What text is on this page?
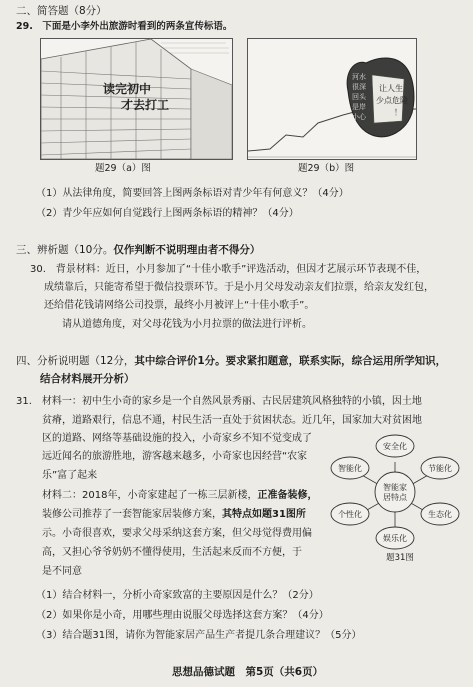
二、简答题（8分）
29.　下面是小李外出旅游时看到的两条宣传标语。
读完初中
才去打工
让人生
少点危险
！
河水
很深
回头
是岸
小心
题29（a）图	题29（b）图
（1）从法律角度，简要回答上图两条标语对青少年有何意义？（4分）
（2）青少年应如何自觉践行上图两条标语的精神？（4分）
三、辨析题（10分。仅作判断不说明理由者不得分）
30.　背景材料：近日，小月参加了“十佳小歌手”评选活动，但因才艺展示环节表现不佳，
成绩靠后，只能寄希望于微信投票环节。于是小月父母发动亲友们拉票，给亲友发红包，
还给借花钱请网络公司投票，最终小月被评上“十佳小歌手”。
请从道德角度，对父母花钱为小月拉票的做法进行评析。
四、分析说明题（12分，其中综合评价1分。要求紧扣题意，联系实际，综合运用所学知识，
结合材料展开分析）
31.　材料一：初中生小奇的家乡是一个自然风景秀丽、古民居建筑风格独特的小镇，因土地
贫瘠，道路艰行，信息不通，村民生活一直处于贫困状态。近几年，国家加大对贫困地
区的道路、网络等基础设施的投入，小奇家乡不知不觉变成了
远近闻名的旅游胜地，游客越来越多，小奇家也因经营“农家
乐”富了起来
材料二：2018年，小奇家建起了一栋三层新楼，正准备装修，
装修公司推荐了一套智能家居装修方案，其特点如题31图所
示。小奇很喜欢，要求父母采纳这套方案，但父母觉得费用偏
高，又担心爷爷奶奶不懂得使用，生活起来反而不方便，于
是不同意
安全化
智能化	节能化
个性化	生态化
娱乐化
智能家
居特点
题31图
（1）结合材料一，分析小奇家致富的主要原因是什么？（2分）
（2）如果你是小奇，用哪些理由说服父母选择这套方案？（4分）
（3）结合题31图，请你为智能家居产品生产者提几条合理建议？（5分）
思想品德试题　第5页（共6页）
